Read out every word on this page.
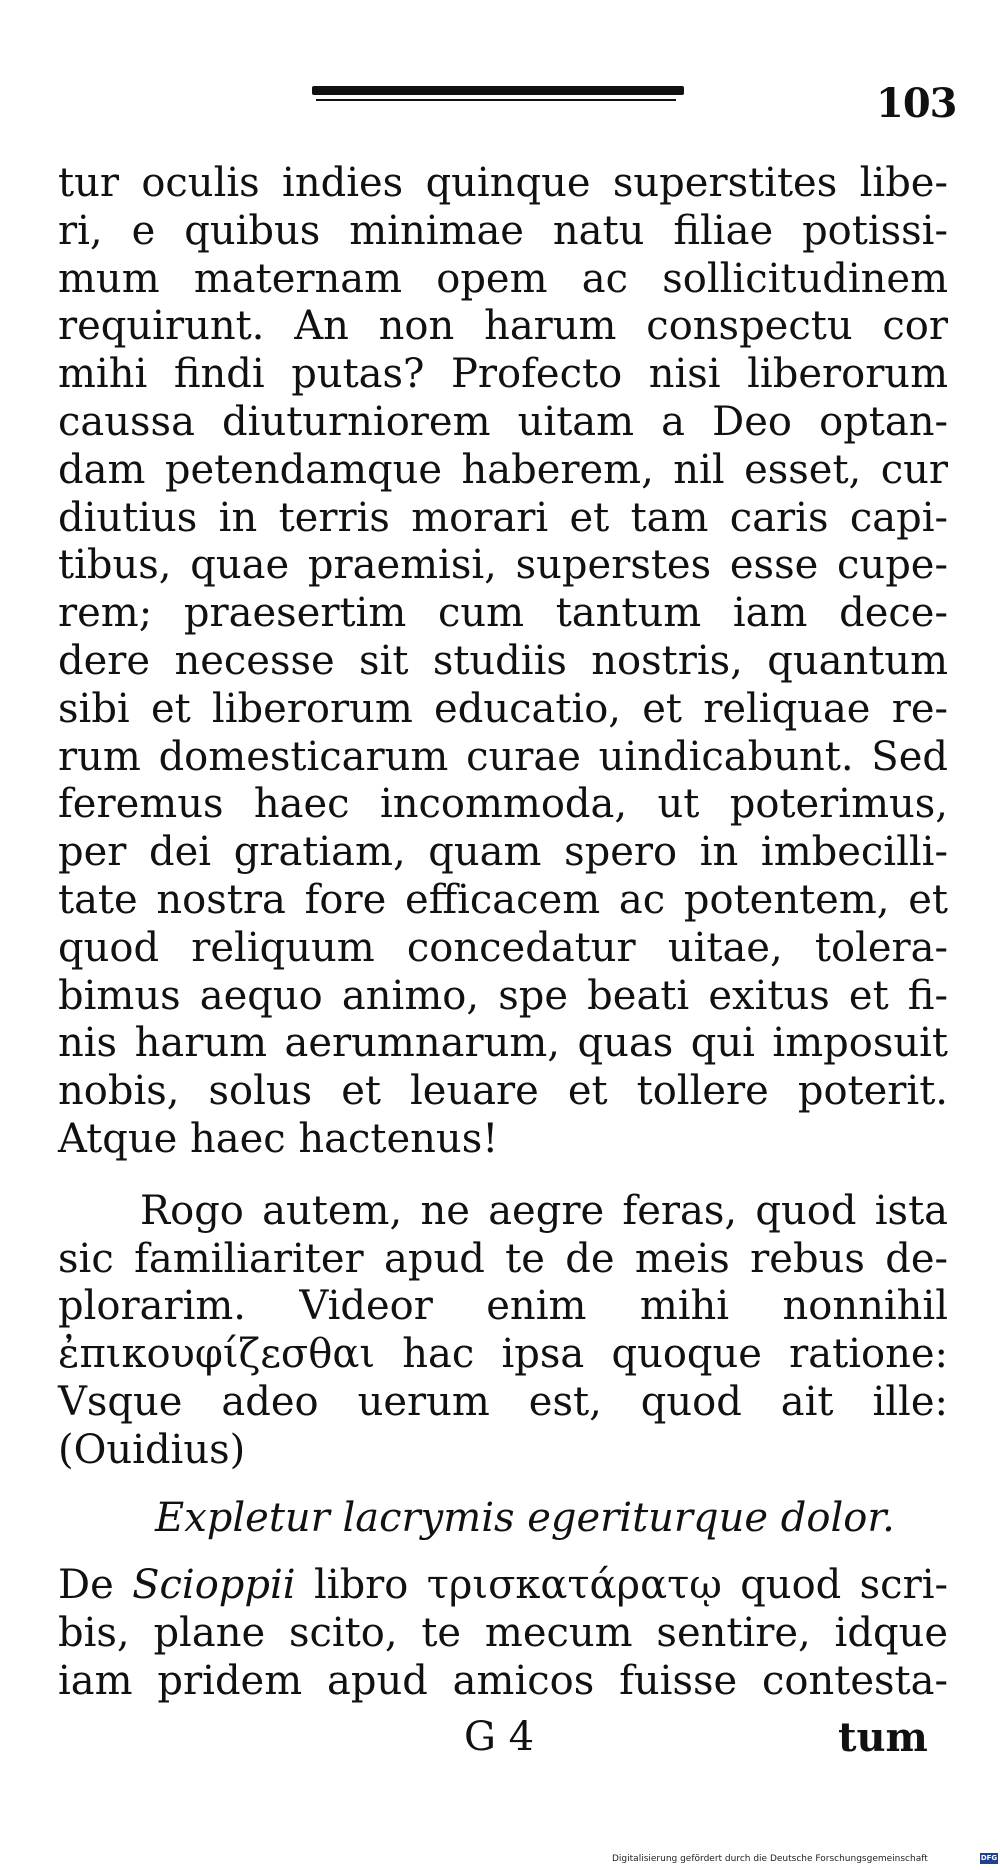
103
tur oculis indies quinque superstites libe-
ri, e quibus minimae natu filiae potissi-
mum maternam opem ac sollicitudinem
requirunt. An non harum conspectu cor
mihi findi putas? Profecto nisi liberorum
caussa diuturniorem uitam a Deo optan-
dam petendamque haberem, nil esset, cur
diutius in terris morari et tam caris capi-
tibus, quae praemisi, superstes esse cupe-
rem; praesertim cum tantum iam dece-
dere necesse sit studiis nostris, quantum
sibi et liberorum educatio, et reliquae re-
rum domesticarum curae uindicabunt. Sed
feremus haec incommoda, ut poterimus,
per dei gratiam, quam spero in imbecilli-
tate nostra fore efficacem ac potentem, et
quod reliquum concedatur uitae, tolera-
bimus aequo animo, spe beati exitus et fi-
nis harum aerumnarum, quas qui imposuit
nobis, solus et leuare et tollere poterit.
Atque haec hactenus!
Rogo autem, ne aegre feras, quod ista
sic familiariter apud te de meis rebus de-
plorarim. Videor enim mihi nonnihil
ἐπικουφίζεσθαι hac ipsa quoque ratione:
Vsque adeo uerum est, quod ait ille:
(Ouidius)
Expletur lacrymis egeriturque dolor.
De Scioppii libro τρισκατάρατῳ quod scri-
bis, plane scito, te mecum sentire, idque
iam pridem apud amicos fuisse contesta-
G 4	tum
Digitalisierung gefördert durch die Deutsche Forschungsgemeinschaft	DFG
